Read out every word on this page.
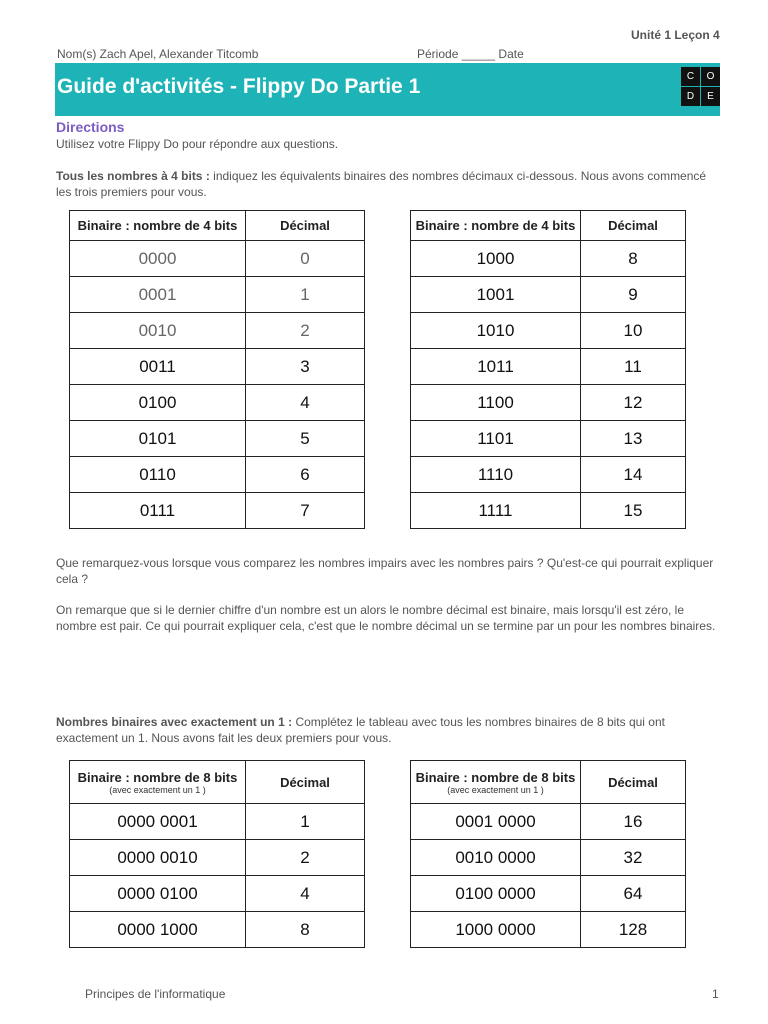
Nom(s) Zach Apel, Alexander Titcomb	Période _____ Date
Unité 1 Leçon 4
Guide d'activités - Flippy Do Partie 1	C	O
D	E
Directions
Utilisez votre Flippy Do pour répondre aux questions.
Tous les nombres à 4 bits : indiquez les équivalents binaires des nombres décimaux ci-dessous. Nous avons commencé les trois premiers pour vous.
Binaire : nombre de 4 bits	Décimal
0000	0
0001	1
0010	2
0011	3
0100	4
0101	5
0110	6
0111	7
Binaire : nombre de 4 bits	Décimal
1000	8
1001	9
1010	10
1011	11
1100	12
1101	13
1110	14
1111	15
Que remarquez-vous lorsque vous comparez les nombres impairs avec les nombres pairs ? Qu'est-ce qui pourrait expliquer cela ?
On remarque que si le dernier chiffre d'un nombre est un alors le nombre décimal est binaire, mais lorsqu'il est zéro, le nombre est pair. Ce qui pourrait expliquer cela, c'est que le nombre décimal un se termine par un pour les nombres binaires.
Nombres binaires avec exactement un 1 : Complétez le tableau avec tous les nombres binaires de 8 bits qui ont exactement un 1. Nous avons fait les deux premiers pour vous.
Binaire : nombre de 8 bits
(avec exactement un 1 )	Décimal
0000 0001	1
0000 0010	2
0000 0100	4
0000 1000	8
Binaire : nombre de 8 bits
(avec exactement un 1 )	Décimal
0001 0000	16
0010 0000	32
0100 0000	64
1000 0000	128
Principes de l'informatique	1
